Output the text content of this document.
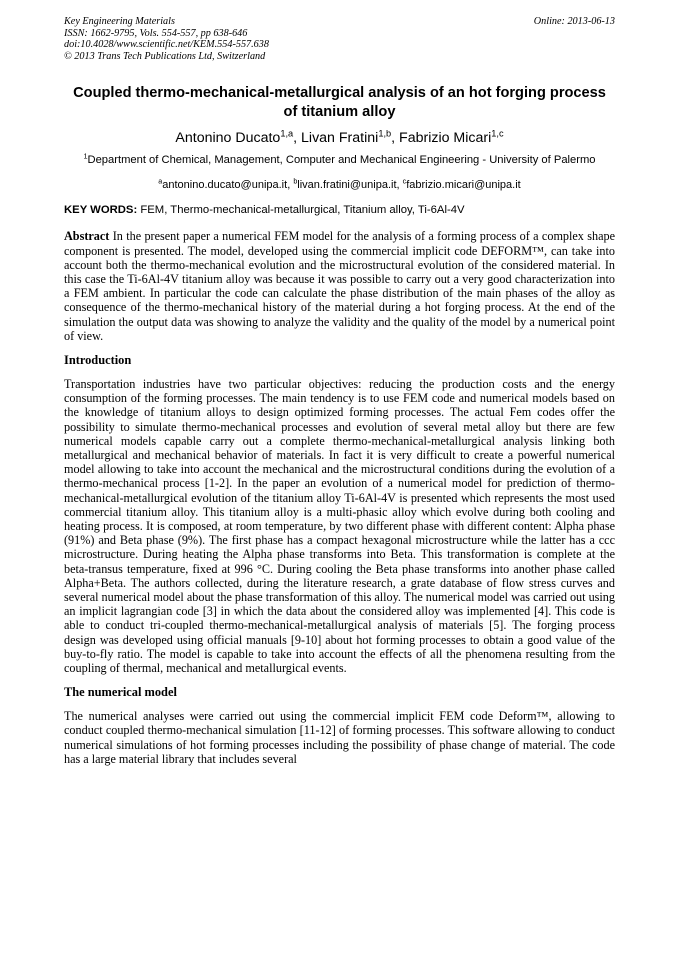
Key Engineering Materials
ISSN: 1662-9795, Vols. 554-557, pp 638-646
doi:10.4028/www.scientific.net/KEM.554-557.638
© 2013 Trans Tech Publications Ltd, Switzerland
Online: 2013-06-13
Coupled thermo-mechanical-metallurgical analysis of an hot forging process of titanium alloy
Antonino Ducato$^{1,a}$, Livan Fratini$^{1,b}$, Fabrizio Micari$^{1,c}$
$^1$Department of Chemical, Management, Computer and Mechanical Engineering - University of Palermo
$^a$antonino.ducato@unipa.it, $^b$livan.fratini@unipa.it, $^c$fabrizio.micari@unipa.it
KEY WORDS: FEM, Thermo-mechanical-metallurgical, Titanium alloy, Ti-6Al-4V
Abstract In the present paper a numerical FEM model for the analysis of a forming process of a complex shape component is presented. The model, developed using the commercial implicit code DEFORM™, can take into account both the thermo-mechanical evolution and the microstructural evolution of the considered material. In this case the Ti-6Al-4V titanium alloy was because it was possible to carry out a very good characterization into a FEM ambient. In particular the code can calculate the phase distribution of the main phases of the alloy as consequence of the thermo-mechanical history of the material during a hot forging process. At the end of the simulation the output data was showing to analyze the validity and the quality of the model by a numerical point of view.
Introduction
Transportation industries have two particular objectives: reducing the production costs and the energy consumption of the forming processes. The main tendency is to use FEM code and numerical models based on the knowledge of titanium alloys to design optimized forming processes. The actual Fem codes offer the possibility to simulate thermo-mechanical processes and evolution of several metal alloy but there are few numerical models capable carry out a complete thermo-mechanical-metallurgical analysis linking both metallurgical and mechanical behavior of materials. In fact it is very difficult to create a powerful numerical model allowing to take into account the mechanical and the microstructural conditions during the evolution of a thermo-mechanical process [1-2]. In the paper an evolution of a numerical model for prediction of thermo-mechanical-metallurgical evolution of the titanium alloy Ti-6Al-4V is presented which represents the most used commercial titanium alloy. This titanium alloy is a multi-phasic alloy which evolve during both cooling and heating process. It is composed, at room temperature, by two different phase with different content: Alpha phase (91%) and Beta phase (9%). The first phase has a compact hexagonal microstructure while the latter has a ccc microstructure. During heating the Alpha phase transforms into Beta. This transformation is complete at the beta-transus temperature, fixed at 996 °C. During cooling the Beta phase transforms into another phase called Alpha+Beta. The authors collected, during the literature research, a grate database of flow stress curves and several numerical model about the phase transformation of this alloy. The numerical model was carried out using an implicit lagrangian code [3] in which the data about the considered alloy was implemented [4]. This code is able to conduct tri-coupled thermo-mechanical-metallurgical analysis of materials [5]. The forging process design was developed using official manuals [9-10] about hot forming processes to obtain a good value of the buy-to-fly ratio. The model is capable to take into account the effects of all the phenomena resulting from the coupling of thermal, mechanical and metallurgical events.
The numerical model
The numerical analyses were carried out using the commercial implicit FEM code Deform™, allowing to conduct coupled thermo-mechanical simulation [11-12] of forming processes. This software allowing to conduct numerical simulations of hot forming processes including the possibility of phase change of material. The code has a large material library that includes several
